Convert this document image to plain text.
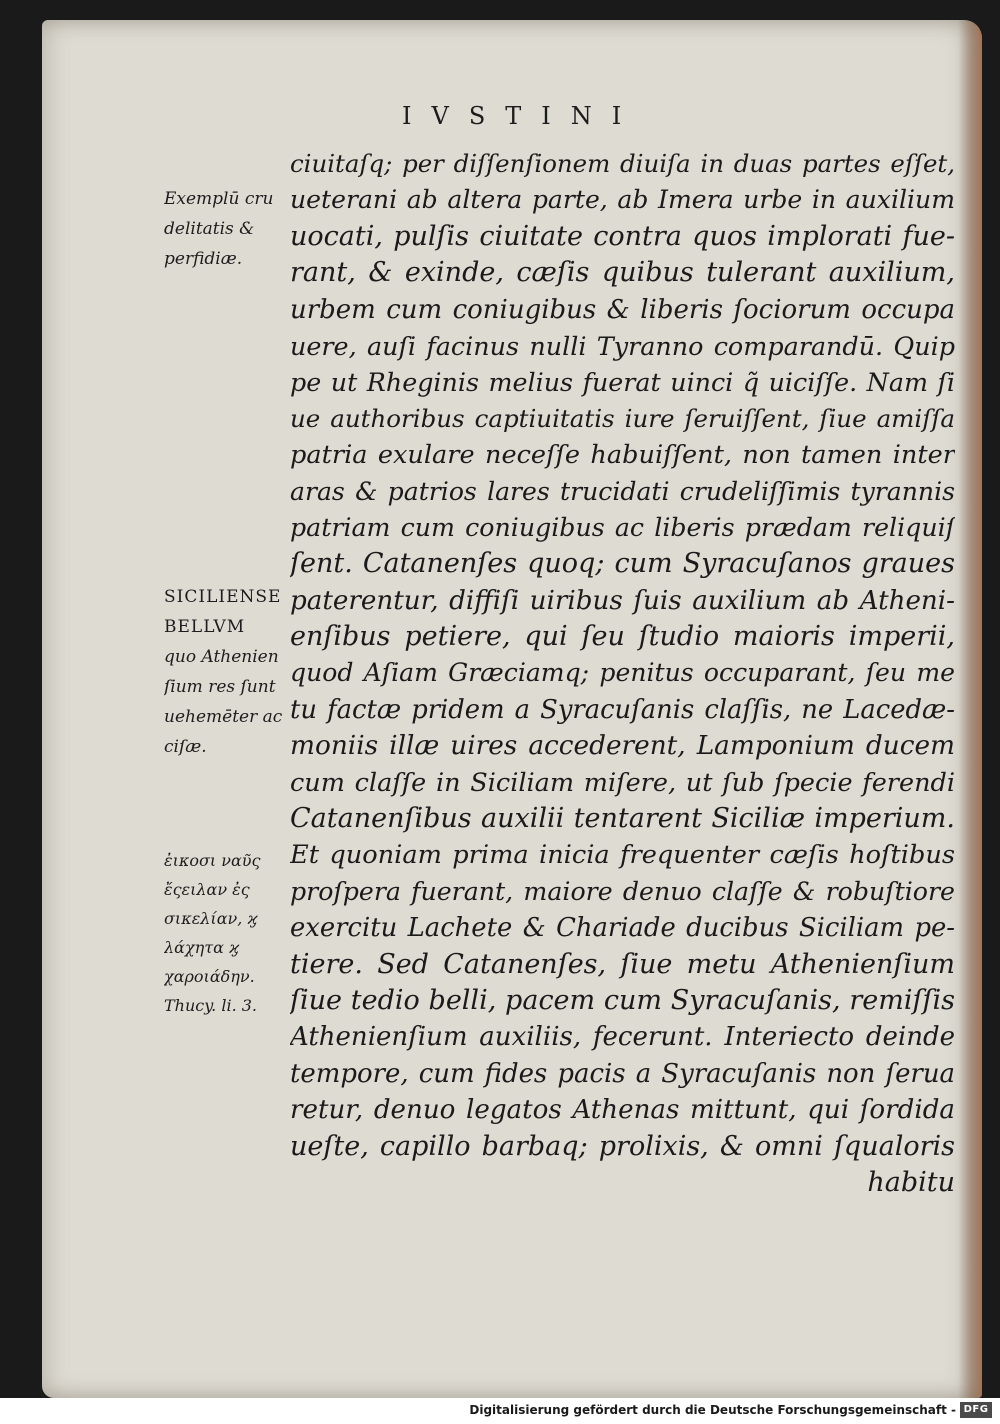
IVSTINI
Exemplū cru
delitatis &
perfidiæ.
SICILIENSE
BELLVM
quo Athenien
ſium res ſunt
uehemēter ac
ciſæ.
ἐικοσι ναῦς
ἔςειλαν ἐς
σικελίαν, ϗ
λάχητα ϗ
χαροιάδην.
Thucy. li. 3.
ciuitaſq; per diſſenſionem diuiſa in duas partes eſſet,
ueterani ab altera parte, ab Imera urbe in auxilium
uocati, pulſis ciuitate contra quos implorati fue-
rant, & exinde, cæſis quibus tulerant auxilium,
urbem cum coniugibus & liberis ſociorum occupa
uere, auſi facinus nulli Tyranno comparandū. Quip
pe ut Rheginis melius fuerat uinci q̃ uiciſſe. Nam ſi
ue authoribus captiuitatis iure ſeruiſſent, ſiue amiſſa
patria exulare neceſſe habuiſſent, non tamen inter
aras & patrios lares trucidati crudeliſſimis tyrannis
patriam cum coniugibus ac liberis prædam reliquiſ
ſent. Catanenſes quoq; cum Syracuſanos graues
paterentur, diffiſi uiribus ſuis auxilium ab Atheni-
enſibus petiere, qui ſeu ſtudio maioris imperii,
quod Aſiam Græciamq; penitus occuparant, ſeu me
tu factæ pridem a Syracuſanis claſſis, ne Lacedæ-
moniis illæ uires accederent, Lamponium ducem
cum claſſe in Siciliam miſere, ut ſub ſpecie ferendi
Catanenſibus auxilii tentarent Siciliæ imperium.
Et quoniam prima inicia frequenter cæſis hoſtibus
proſpera fuerant, maiore denuo claſſe & robuſtiore
exercitu Lachete & Chariade ducibus Siciliam pe-
tiere. Sed Catanenſes, ſiue metu Athenienſium
ſiue tedio belli, pacem cum Syracuſanis, remiſſis
Athenienſium auxiliis, fecerunt. Interiecto deinde
tempore, cum fides pacis a Syracuſanis non ſerua
retur, denuo legatos Athenas mittunt, qui ſordida
ueſte, capillo barbaq; prolixis, & omni ſqualoris
habitu
Digitalisierung gefördert durch die Deutsche Forschungsgemeinschaft - DFG
